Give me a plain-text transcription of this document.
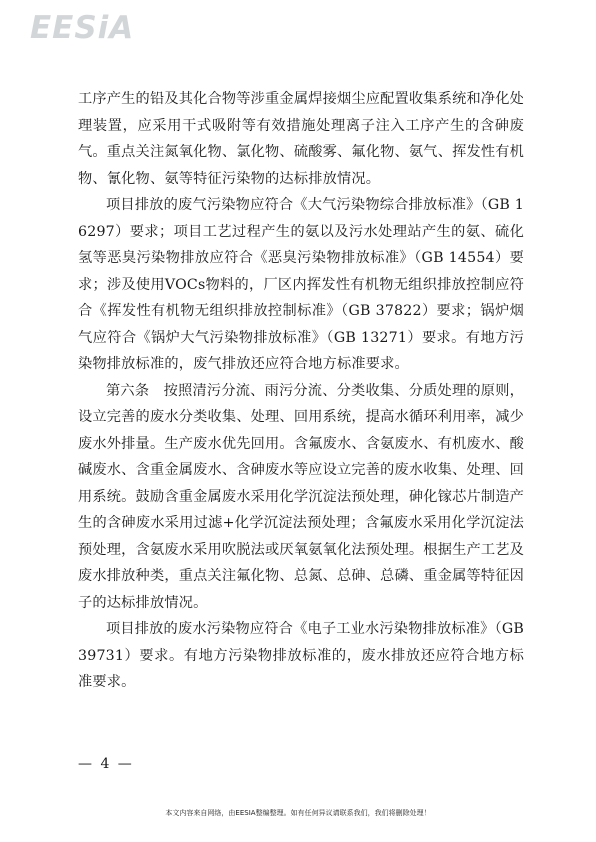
EESiA

工序产生的铅及其化合物等涉重金属焊接烟尘应配置收集系统和净化处理装置，应采用干式吸附等有效措施处理离子注入工序产生的含砷废气。重点关注氮氧化物、氯化物、硫酸雾、氟化物、氨气、挥发性有机物、氰化物、氨等特征污染物的达标排放情况。

项目排放的废气污染物应符合《大气污染物综合排放标准》（GB 16297）要求；项目工艺过程产生的氨以及污水处理站产生的氨、硫化氢等恶臭污染物排放应符合《恶臭污染物排放标准》（GB 14554）要求；涉及使用VOCs物料的，厂区内挥发性有机物无组织排放控制应符合《挥发性有机物无组织排放控制标准》（GB 37822）要求；锅炉烟气应符合《锅炉大气污染物排放标准》（GB 13271）要求。有地方污染物排放标准的，废气排放还应符合地方标准要求。

第六条　 按照清污分流、雨污分流、分类收集、分质处理的原则，设立完善的废水分类收集、处理、回用系统，提高水循环利用率，减少废水外排量。生产废水优先回用。含氟废水、含氨废水、有机废水、酸碱废水、含重金属废水、含砷废水等应设立完善的废水收集、处理、回用系统。鼓励含重金属废水采用化学沉淀法预处理，砷化镓芯片制造产生的含砷废水采用过滤+化学沉淀法预处理；含氟废水采用化学沉淀法预处理，含氨废水采用吹脱法或厌氧氨氧化法预处理。根据生产工艺及废水排放种类，重点关注氟化物、总氮、总砷、总磷、重金属等特征因子的达标排放情况。

项目排放的废水污染物应符合《电子工业水污染物排放标准》（GB 39731）要求。有地方污染物排放标准的，废水排放还应符合地方标准要求。

— 4 —
本文内容来自网络，由EESIA整编整理。如有任何异议请联系我们，我们将删除处理！
